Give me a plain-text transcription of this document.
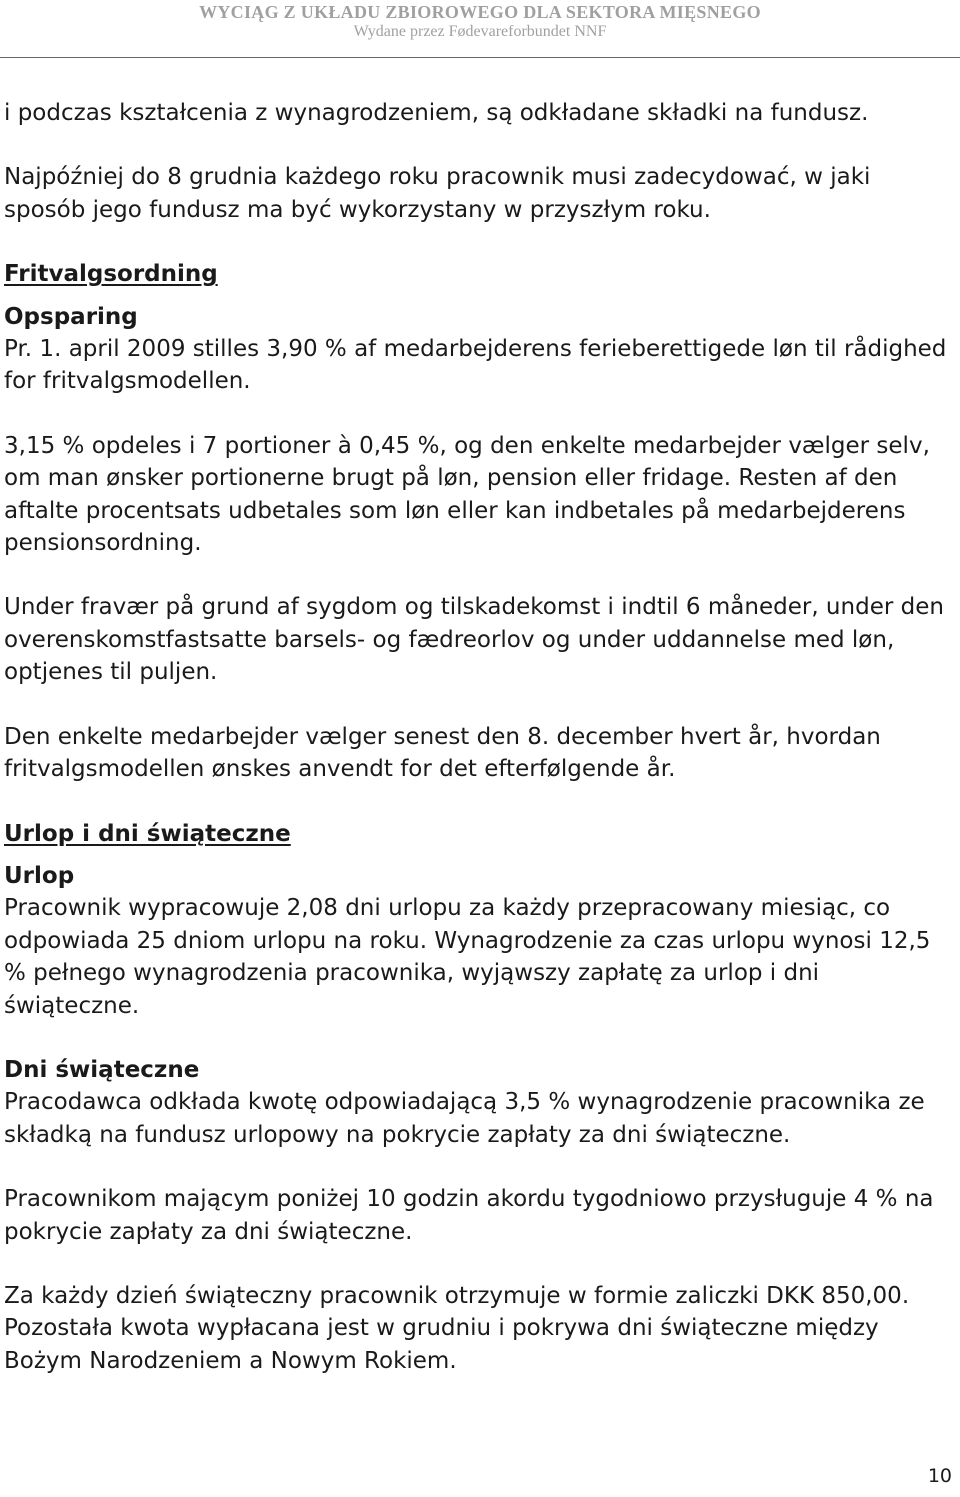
WYCIĄG Z UKŁADU ZBIOROWEGO DLA SEKTORA MIĘSNEGO
Wydane przez Fødevareforbundet NNF

i podczas kształcenia z wynagrodzeniem, są odkładane składki na fundusz.

Najpóźniej do 8 grudnia każdego roku pracownik musi zadecydować, w jaki sposób jego fundusz ma być wykorzystany w przyszłym roku.

Fritvalgsordning

Opsparing

Pr. 1. april 2009 stilles 3,90 % af medarbejderens ferieberettigede løn til rådighed for fritvalgsmodellen.

3,15 % opdeles i 7 portioner à 0,45 %, og den enkelte medarbejder vælger selv, om man ønsker portionerne brugt på løn, pension eller fridage. Resten af den aftalte procentsats udbetales som løn eller kan indbetales på medarbejderens pensionsordning.

Under fravær på grund af sygdom og tilskadekomst i indtil 6 måneder, under den overenskomstfastsatte barsels- og fædreorlov og under uddannelse med løn, optjenes til puljen.

Den enkelte medarbejder vælger senest den 8. december hvert år, hvordan fritvalgsmodellen ønskes anvendt for det efterfølgende år.

Urlop i dni świąteczne

Urlop

Pracownik wypracowuje 2,08 dni urlopu za każdy przepracowany miesiąc, co odpowiada 25 dniom urlopu na roku. Wynagrodzenie za czas urlopu wynosi 12,5 % pełnego wynagrodzenia pracownika, wyjąwszy zapłatę za urlop i dni świąteczne.

Dni świąteczne

Pracodawca odkłada kwotę odpowiadającą 3,5 % wynagrodzenie pracownika ze składką na fundusz urlopowy na pokrycie zapłaty za dni świąteczne.

Pracownikom mającym poniżej 10 godzin akordu tygodniowo przysługuje 4 % na pokrycie zapłaty za dni świąteczne.

Za każdy dzień świąteczny pracownik otrzymuje w formie zaliczki DKK 850,00. Pozostała kwota wypłacana jest w grudniu i pokrywa dni świąteczne między Bożym Narodzeniem a Nowym Rokiem.

10
